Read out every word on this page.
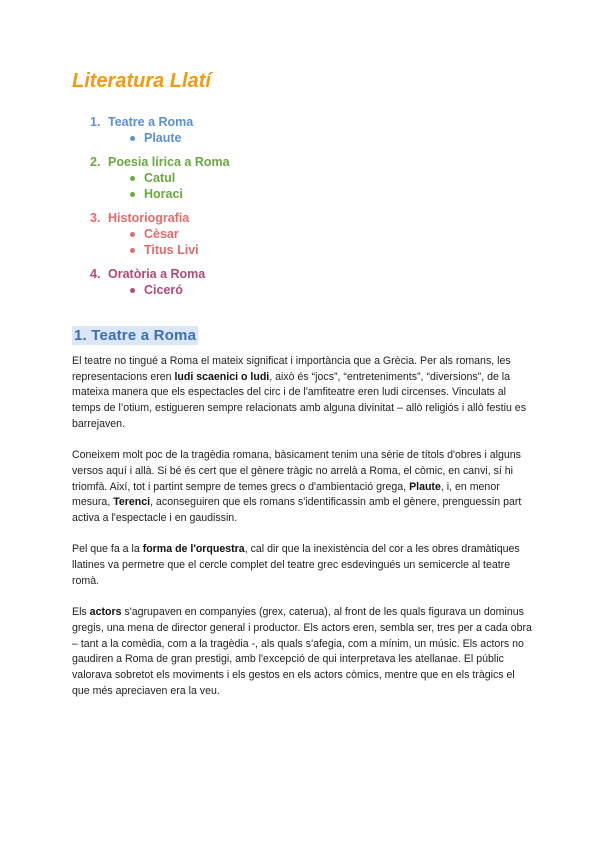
Literatura Llatí
1. Teatre a Roma
Plaute
2. Poesia lírica a Roma
Catul
Horaci
3. Historiografia
Cèsar
Titus Livi
4. Oratòria a Roma
Ciceró
1. Teatre a Roma

El teatre no tingué a Roma el mateix significat i importància que a Grècia. Per als romans, les representacions eren ludi scaenici o ludi, això és “jocs”, “entreteniments”, “diversions”, de la mateixa manera que els espectacles del circ i de l'amfiteatre eren ludi circenses. Vinculats al temps de l’otium, estigueren sempre relacionats amb alguna divinitat – allò religiós i allò festiu es barrejaven.

Coneixem molt poc de la tragèdia romana, bàsicament tenim una sèrie de títols d'obres i alguns versos aquí i allà. Si bé és cert que el gènere tràgic no arrelà a Roma, el còmic, en canvi, sí hi triomfà. Així, tot i partint sempre de temes grecs o d'ambientació grega, Plaute, i, en menor mesura, Terenci, aconseguiren que els romans s'identificassin amb el gènere, prenguessin part activa a l'espectacle i en gaudissin.

Pel que fa a la forma de l'orquestra, cal dir que la inexistència del cor a les obres dramàtiques llatines va permetre que el cercle complet del teatre grec esdevingués un semicercle al teatre romà.

Els actors s'agrupaven en companyies (grex, caterua), al front de les quals figurava un dominus gregis, una mena de director general i productor. Els actors eren, sembla ser, tres per a cada obra – tant a la comèdia, com a la tragèdia -, als quals s'afegia, com a mínim, un músic. Els actors no gaudiren a Roma de gran prestigi, amb l'excepció de qui interpretava les atellanae. El públic valorava sobretot els moviments i els gestos en els actors còmics, mentre que en els tràgics el que més apreciaven era la veu.
